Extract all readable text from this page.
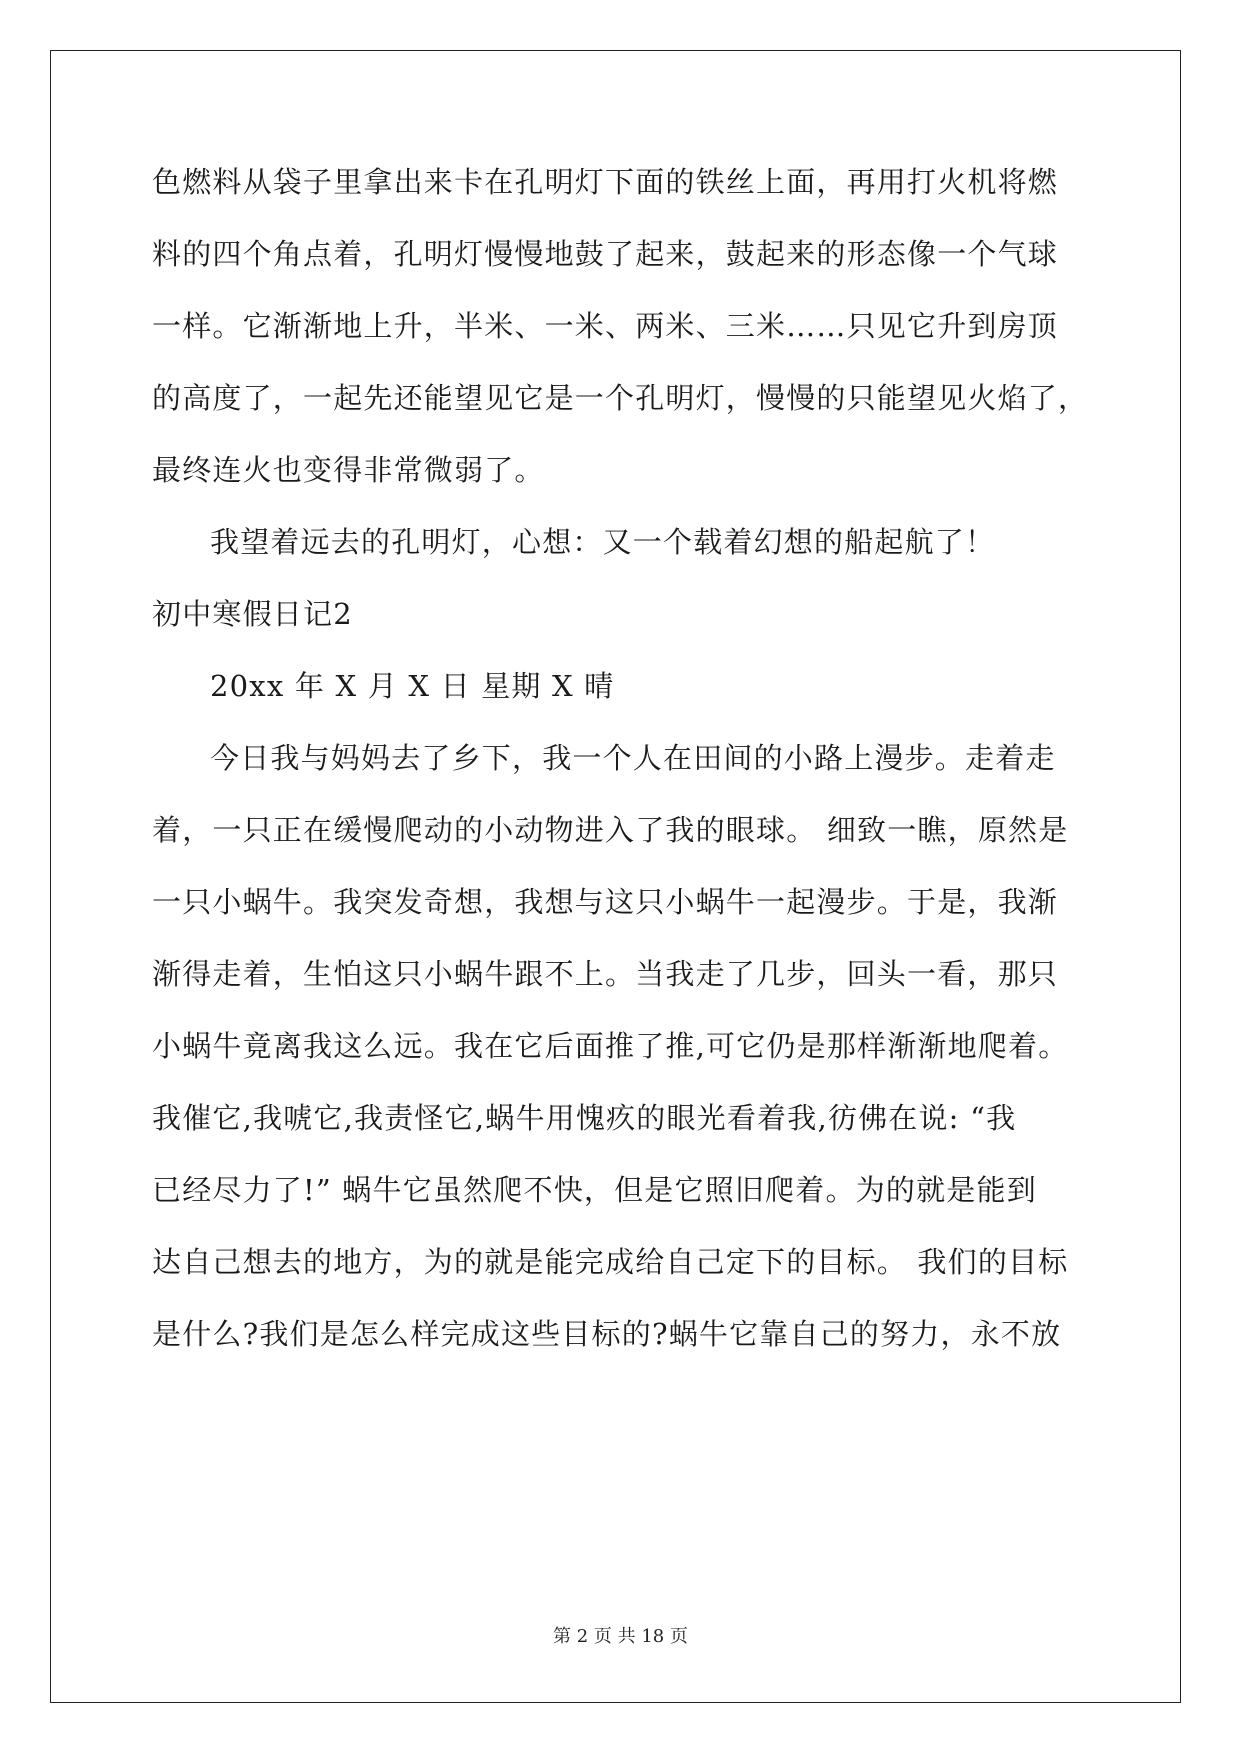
色燃料从袋子里拿出来卡在孔明灯下面的铁丝上面，再用打火机将燃
料的四个角点着，孔明灯慢慢地鼓了起来，鼓起来的形态像一个气球
一样。它渐渐地上升，半米、一米、两米、三米……只见它升到房顶
的高度了，一起先还能望见它是一个孔明灯，慢慢的只能望见火焰了，
最终连火也变得非常微弱了。
我望着远去的孔明灯，心想：又一个载着幻想的船起航了！
初中寒假日记2
20xx 年 X 月 X 日 星期 X 晴
今日我与妈妈去了乡下，我一个人在田间的小路上漫步。走着走
着，一只正在缓慢爬动的小动物进入了我的眼球。 细致一瞧，原然是
一只小蜗牛。我突发奇想，我想与这只小蜗牛一起漫步。于是，我渐
渐得走着，生怕这只小蜗牛跟不上。当我走了几步，回头一看，那只
小蜗牛竟离我这么远。我在它后面推了推,可它仍是那样渐渐地爬着。
我催它,我唬它,我责怪它,蜗牛用愧疚的眼光看着我,彷佛在说: “我
已经尽力了!” 蜗牛它虽然爬不快，但是它照旧爬着。为的就是能到
达自己想去的地方，为的就是能完成给自己定下的目标。 我们的目标
是什么?我们是怎么样完成这些目标的?蜗牛它靠自己的努力，永不放
第 2 页 共 18 页
